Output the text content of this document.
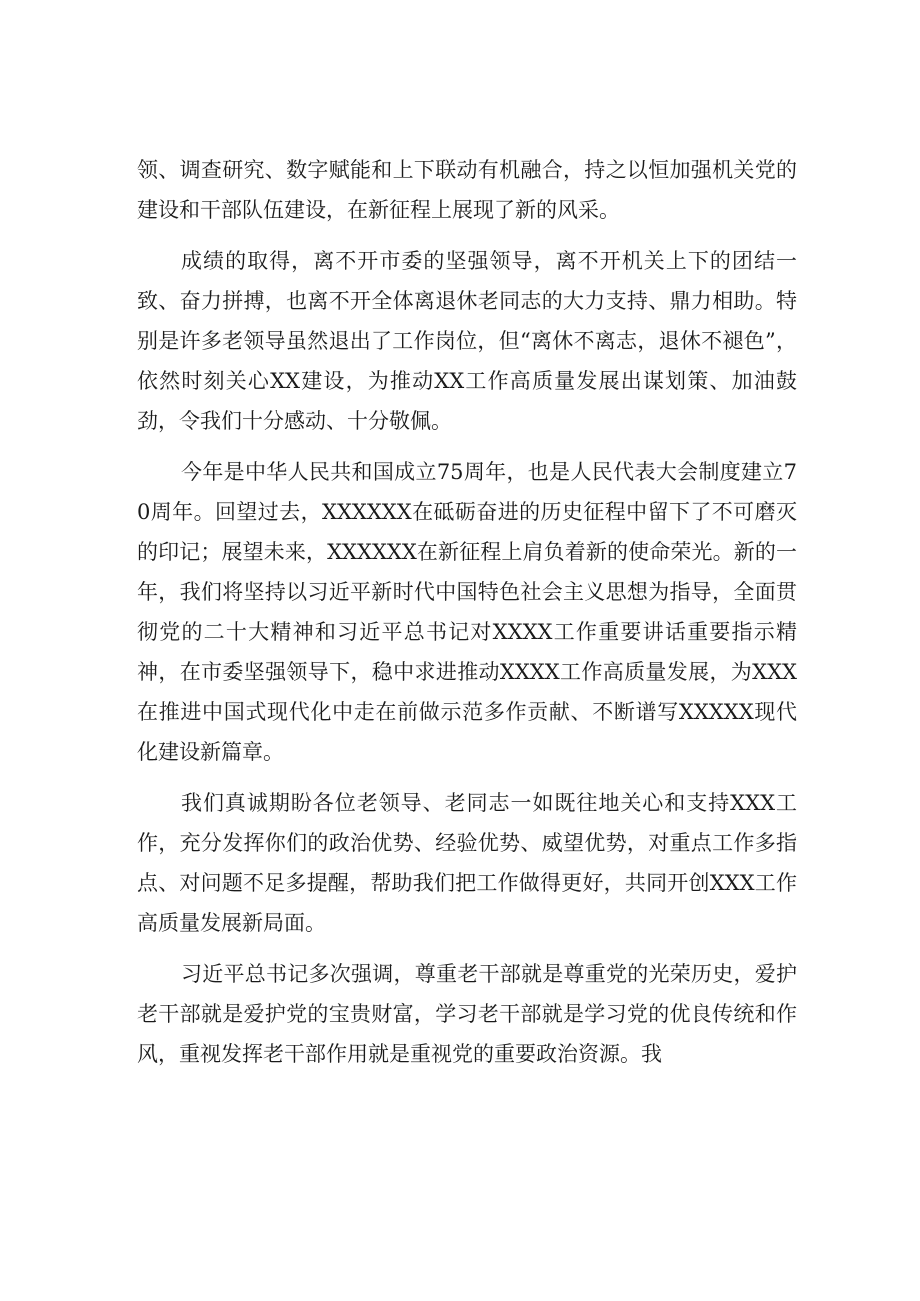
领、调查研究、数字赋能和上下联动有机融合，持之以恒加强机关党的建设和干部队伍建设，在新征程上展现了新的风采。

成绩的取得，离不开市委的坚强领导，离不开机关上下的团结一致、奋力拼搏，也离不开全体离退休老同志的大力支持、鼎力相助。特别是许多老领导虽然退出了工作岗位，但“离休不离志，退休不褪色”，依然时刻关心XX建设，为推动XX工作高质量发展出谋划策、加油鼓劲，令我们十分感动、十分敬佩。

今年是中华人民共和国成立75周年，也是人民代表大会制度建立70周年。回望过去，XXXXXX在砥砺奋进的历史征程中留下了不可磨灭的印记；展望未来，XXXXXX在新征程上肩负着新的使命荣光。新的一年，我们将坚持以习近平新时代中国特色社会主义思想为指导，全面贯彻党的二十大精神和习近平总书记对XXXX工作重要讲话重要指示精神，在市委坚强领导下，稳中求进推动XXXX工作高质量发展，为XXX在推进中国式现代化中走在前做示范多作贡献、不断谱写XXXXX现代化建设新篇章。

我们真诚期盼各位老领导、老同志一如既往地关心和支持XXX工作，充分发挥你们的政治优势、经验优势、威望优势，对重点工作多指点、对问题不足多提醒，帮助我们把工作做得更好，共同开创XXX工作高质量发展新局面。

习近平总书记多次强调，尊重老干部就是尊重党的光荣历史，爱护老干部就是爱护党的宝贵财富，学习老干部就是学习党的优良传统和作风，重视发挥老干部作用就是重视党的重要政治资源。我
